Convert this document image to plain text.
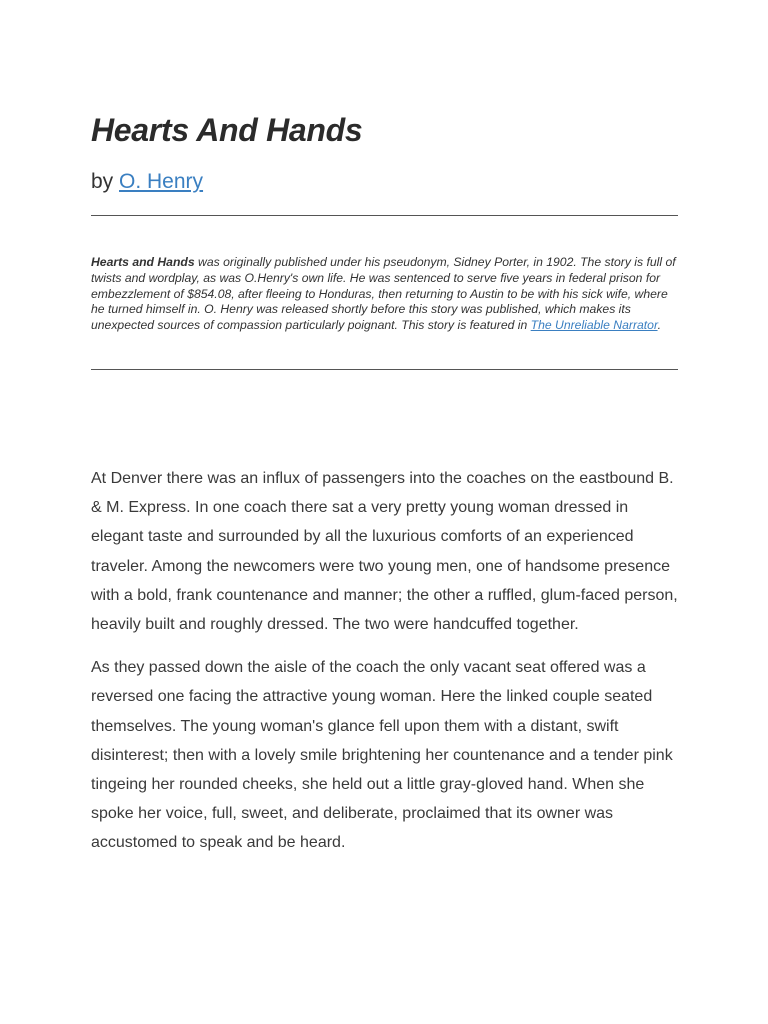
Hearts And Hands
by O. Henry

Hearts and Hands was originally published under his pseudonym, Sidney Porter, in 1902. The story is full of twists and wordplay, as was O.Henry's own life. He was sentenced to serve five years in federal prison for embezzlement of $854.08, after fleeing to Honduras, then returning to Austin to be with his sick wife, where he turned himself in. O. Henry was released shortly before this story was published, which makes its unexpected sources of compassion particularly poignant. This story is featured in The Unreliable Narrator.

At Denver there was an influx of passengers into the coaches on the eastbound B. & M. Express. In one coach there sat a very pretty young woman dressed in elegant taste and surrounded by all the luxurious comforts of an experienced traveler. Among the newcomers were two young men, one of handsome presence with a bold, frank countenance and manner; the other a ruffled, glum-faced person, heavily built and roughly dressed. The two were handcuffed together.

As they passed down the aisle of the coach the only vacant seat offered was a reversed one facing the attractive young woman. Here the linked couple seated themselves. The young woman's glance fell upon them with a distant, swift disinterest; then with a lovely smile brightening her countenance and a tender pink tingeing her rounded cheeks, she held out a little gray-gloved hand. When she spoke her voice, full, sweet, and deliberate, proclaimed that its owner was accustomed to speak and be heard.
